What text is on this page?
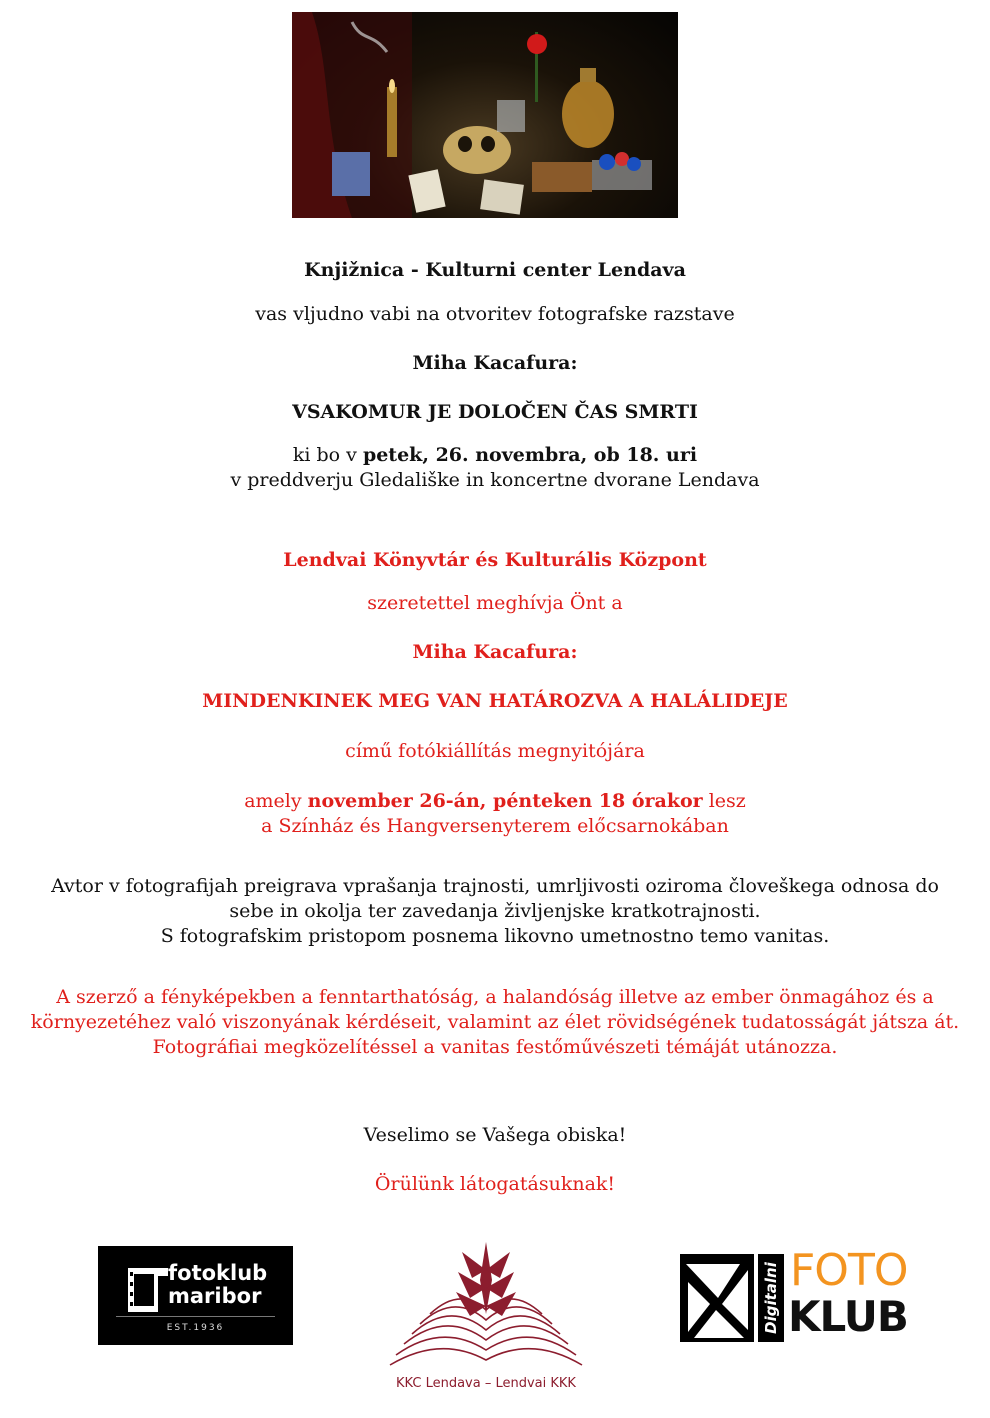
Knjižnica - Kulturni center Lendava
vas vljudno vabi na otvoritev fotografske razstave
Miha Kacafura:
VSAKOMUR JE DOLOČEN ČAS SMRTI
ki bo v petek, 26. novembra, ob 18. uri
v preddverju Gledališke in koncertne dvorane Lendava
Lendvai Könyvtár és Kulturális Központ
szeretettel meghívja Önt a
Miha Kacafura:
MINDENKINEK MEG VAN HATÁROZVA A HALÁLIDEJE
című fotókiállítás megnyitójára
amely november 26-án, pénteken 18 órakor lesz
a Színház és Hangversenyterem előcsarnokában
Avtor v fotografijah preigrava vprašanja trajnosti, umrljivosti oziroma človeškega odnosa do
sebe in okolja ter zavedanja življenjske kratkotrajnosti.
S fotografskim pristopom posnema likovno umetnostno temo vanitas.
A szerző a fényképekben a fenntarthatóság, a halandóság illetve az ember önmagához és a
környezetéhez való viszonyának kérdéseit, valamint az élet rövidségének tudatosságát játsza át.
Fotográfiai megközelítéssel a vanitas festőművészeti témáját utánozza.
Veselimo se Vašega obiska!
Örülünk látogatásuknak!
fotoklub
maribor
EST.1936
KKC Lendava – Lendvai KKK
Digitalni FOTO
KLUB
